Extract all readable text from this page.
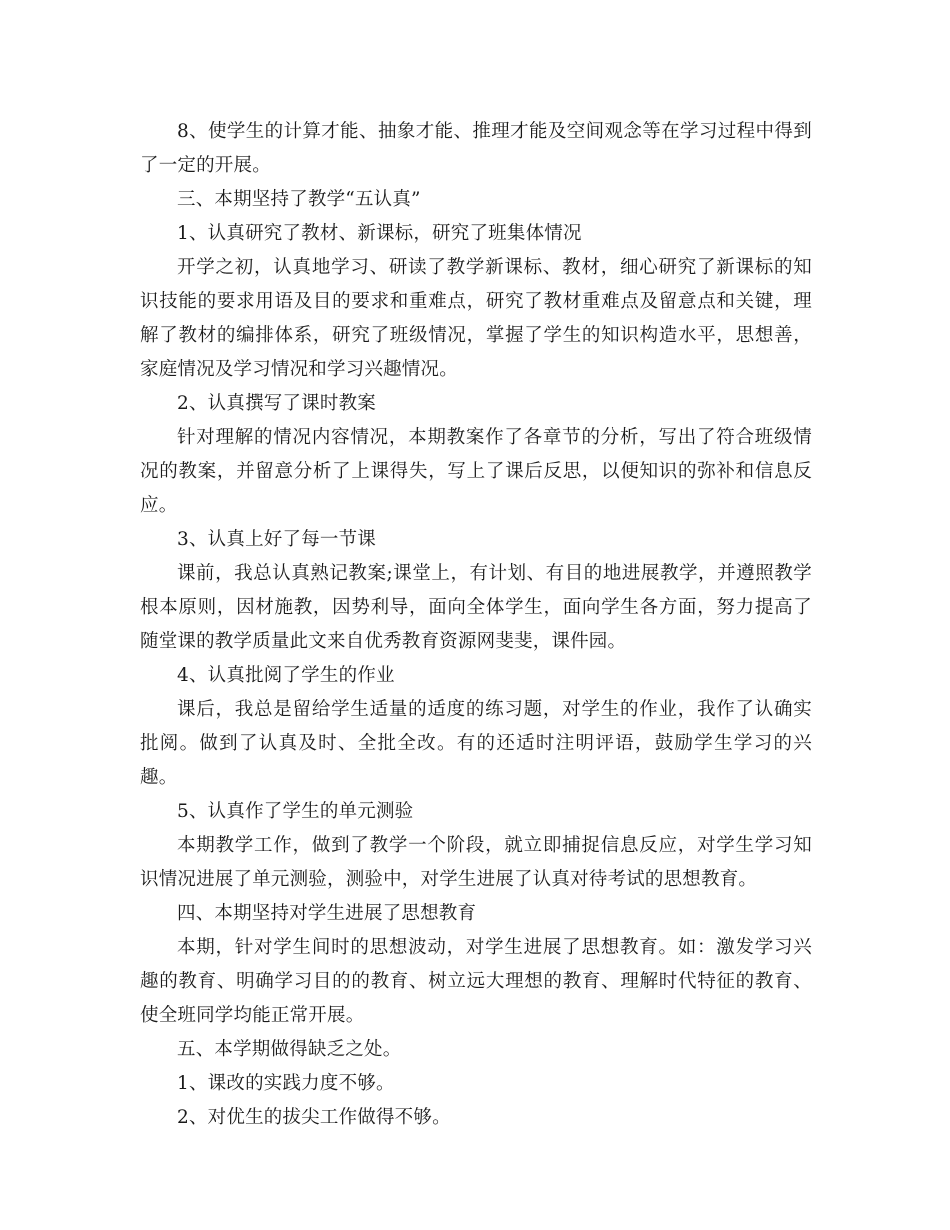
8、使学生的计算才能、抽象才能、推理才能及空间观念等在学习过程中得到了一定的开展。

三、本期坚持了教学“五认真”

1、认真研究了教材、新课标，研究了班集体情况

开学之初，认真地学习、研读了教学新课标、教材，细心研究了新课标的知识技能的要求用语及目的要求和重难点，研究了教材重难点及留意点和关键，理解了教材的编排体系，研究了班级情况，掌握了学生的知识构造水平，思想善，家庭情况及学习情况和学习兴趣情况。

2、认真撰写了课时教案

针对理解的情况内容情况，本期教案作了各章节的分析，写出了符合班级情况的教案，并留意分析了上课得失，写上了课后反思，以便知识的弥补和信息反应。

3、认真上好了每一节课

课前，我总认真熟记教案;课堂上，有计划、有目的地进展教学，并遵照教学根本原则，因材施教，因势利导，面向全体学生，面向学生各方面，努力提高了随堂课的教学质量此文来自优秀教育资源网斐斐，课件园。

4、认真批阅了学生的作业

课后，我总是留给学生适量的适度的练习题，对学生的作业，我作了认确实批阅。做到了认真及时、全批全改。有的还适时注明评语，鼓励学生学习的兴趣。

5、认真作了学生的单元测验

本期教学工作，做到了教学一个阶段，就立即捕捉信息反应，对学生学习知识情况进展了单元测验，测验中，对学生进展了认真对待考试的思想教育。

四、本期坚持对学生进展了思想教育

本期，针对学生间时的思想波动，对学生进展了思想教育。如：激发学习兴趣的教育、明确学习目的的教育、树立远大理想的教育、理解时代特征的教育、使全班同学均能正常开展。

五、本学期做得缺乏之处。

1、课改的实践力度不够。

2、对优生的拔尖工作做得不够。
